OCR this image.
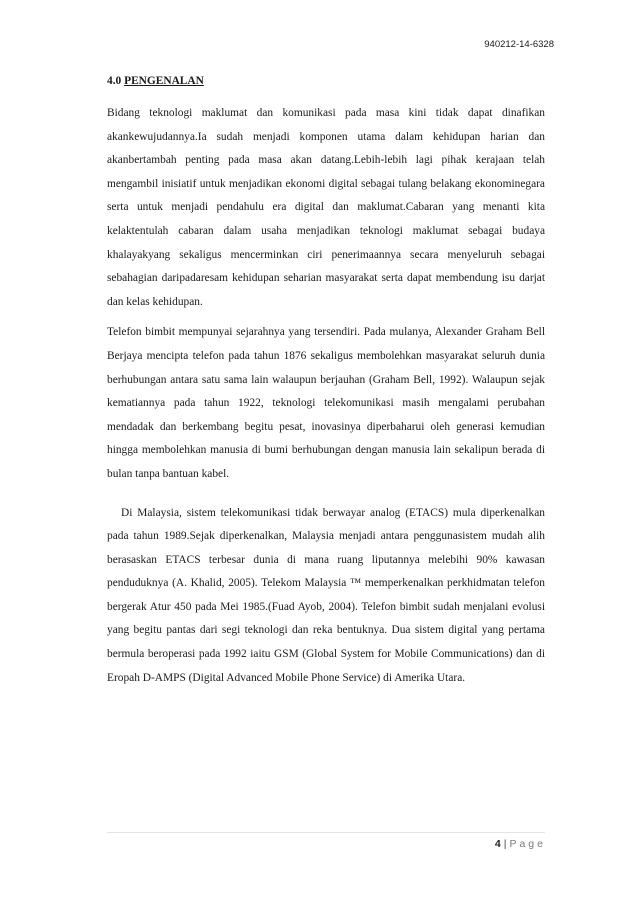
940212-14-6328
4.0 PENGENALAN

Bidang teknologi maklumat dan komunikasi pada masa kini tidak dapat dinafikan akankewujudannya.Ia sudah menjadi komponen utama dalam kehidupan harian dan akanbertambah penting pada masa akan datang.Lebih-lebih lagi pihak kerajaan telah mengambil inisiatif untuk menjadikan ekonomi digital sebagai tulang belakang ekonominegara serta untuk menjadi pendahulu era digital dan maklumat.Cabaran yang menanti kita kelaktentulah cabaran dalam usaha menjadikan teknologi maklumat sebagai budaya khalayakyang sekaligus mencerminkan ciri penerimaannya secara menyeluruh sebagai sebahagian daripadaresam kehidupan seharian masyarakat serta dapat membendung isu darjat dan kelas kehidupan.

Telefon bimbit mempunyai sejarahnya yang tersendiri. Pada mulanya, Alexander Graham Bell Berjaya mencipta telefon pada tahun 1876 sekaligus membolehkan masyarakat seluruh dunia berhubungan antara satu sama lain walaupun berjauhan (Graham Bell, 1992). Walaupun sejak kematiannya pada tahun 1922, teknologi telekomunikasi masih mengalami perubahan mendadak dan berkembang begitu pesat, inovasinya diperbaharui oleh generasi kemudian hingga membolehkan manusia di bumi berhubungan dengan manusia lain sekalipun berada di bulan tanpa bantuan kabel.

Di Malaysia, sistem telekomunikasi tidak berwayar analog (ETACS) mula diperkenalkan pada tahun 1989.Sejak diperkenalkan, Malaysia menjadi antara penggunasistem mudah alih berasaskan ETACS terbesar dunia di mana ruang liputannya melebihi 90% kawasan penduduknya (A. Khalid, 2005). Telekom Malaysia ™ memperkenalkan perkhidmatan telefon bergerak Atur 450 pada Mei 1985.(Fuad Ayob, 2004). Telefon bimbit sudah menjalani evolusi yang begitu pantas dari segi teknologi dan reka bentuknya. Dua sistem digital yang pertama bermula beroperasi pada 1992 iaitu GSM (Global System for Mobile Communications) dan di Eropah D-AMPS (Digital Advanced Mobile Phone Service) di Amerika Utara.

4 | Page
